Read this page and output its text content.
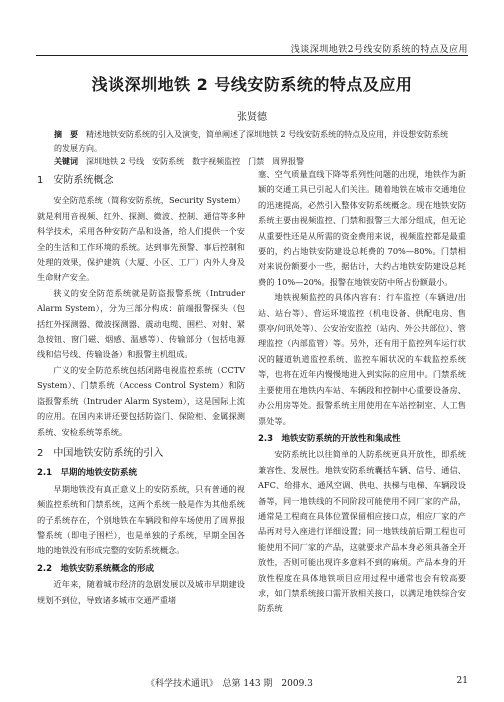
浅谈深圳地铁2号线安防系统的特点及应用
浅谈深圳地铁 2 号线安防系统的特点及应用
张贤德
摘　要 精述地铁安防系统的引入及演变，简单阐述了深圳地铁 2 号线安防系统的特点及应用，并设想安防系统的发展方向。
关键词 深圳地铁 2 号线　安防系统　数字视频监控　门禁　周界报警
1　安防系统概念

安全防范系统（简称安防系统，Security System）就是利用音视频、红外、探测、微波、控制、通信等多种科学技术，采用各种安防产品和设备，给人们提供一个安全的生活和工作环境的系统。达到事先预警、事后控制和处理的效果，保护建筑（大厦、小区、工厂）内外人身及生命财产安全。

狭义的安全防范系统就是防盗报警系统（Intruder Alarm System），分为三部分构成：前端报警探头（包括红外探测器、微波探测器、震动电缆、围栏、对射、紧急按钮、窗门磁、烟感、温感等）、传输部分（包括电源线和信号线、传输设备）和报警主机组成。

广义的安全防范系统包括闭路电视监控系统（CCTV System）、门禁系统（Access Control System）和防盗报警系统（Intruder Alarm System），这是国际上流的应用。在国内来讲还要包括防盗门、保险柜、金属探测系统、安检系统等系统。

2　中国地铁安防系统的引入
2.1　早期的地铁安防系统

早期地铁没有真正意义上的安防系统，只有普通的视频监控系统和门禁系统，这两个系统一般是作为其他系统的子系统存在，个别地铁在车辆段和停车场使用了周界报警系统（即电子围栏），也是单独的子系统，早期全国各地的地铁没有形成完整的安防系统概念。

2.2　地铁安防系统概念的形成

近年来，随着城市经济的急剧发展以及城市早期建设规划不到位，导致诸多城市交通严重堵

塞、空气质量直线下降等系列性问题的出现，地铁作为新颖的交通工具已引起人们关注。随着地铁在城市交通地位的迅速提高，必然引入整体安防系统概念。现在地铁安防系统主要由视频监控、门禁和报警三大部分组成，但无论从重要性还是从所需的资金费用来说，视频监控都是最重要的，约占地铁安防建设总耗费的 70%—80%。门禁相对来说份额要小一些，据估计，大约占地铁安防建设总耗费的 10%—20%。报警在地铁安防中所占份额最小。

地铁视频监控的具体内容有：行车监控（车辆进/出站、站台等）、营运环境监控（机电设备、供配电房、售票亭/问讯处等）、公安治安监控（站内、外公共部位）、管理监控（内部监管）等。另外，还有用于监控列车运行状况的隧道轨道监控系统、监控车厢状况的车载监控系统等，也将在近年内慢慢地进入到实际的应用中。门禁系统主要使用在地铁内车站、车辆段和控制中心重要设备房、办公用房等处。报警系统主用使用在车站控制室、人工售票处等。

2.3　地铁安防系统的开放性和集成性

安防系统比以往简单的人防系统更具开放性，即系统兼容性、发展性。地铁安防系统囊括车辆、信号、通信、AFC、给排水、通风空调、供电、扶梯与电梯、车辆段设备等，同一地铁线的不同阶段可能使用不同厂家的产品，通常是工程商在具体位置保留相应接口点，相应厂家的产品再对号入座进行详细设置；同一地铁线前后期工程也可能使用不同厂家的产品，这就要求产品本身必须具备全开放性，否则可能出现许多意料不到的麻烦。产品本身的开放性程度在具体地铁项目应用过程中通常也会有较高要求，如门禁系统接口需开放相关接口，以满足地铁综合安防系统

《科学技术通讯》　总第 143 期　2009.3	21
